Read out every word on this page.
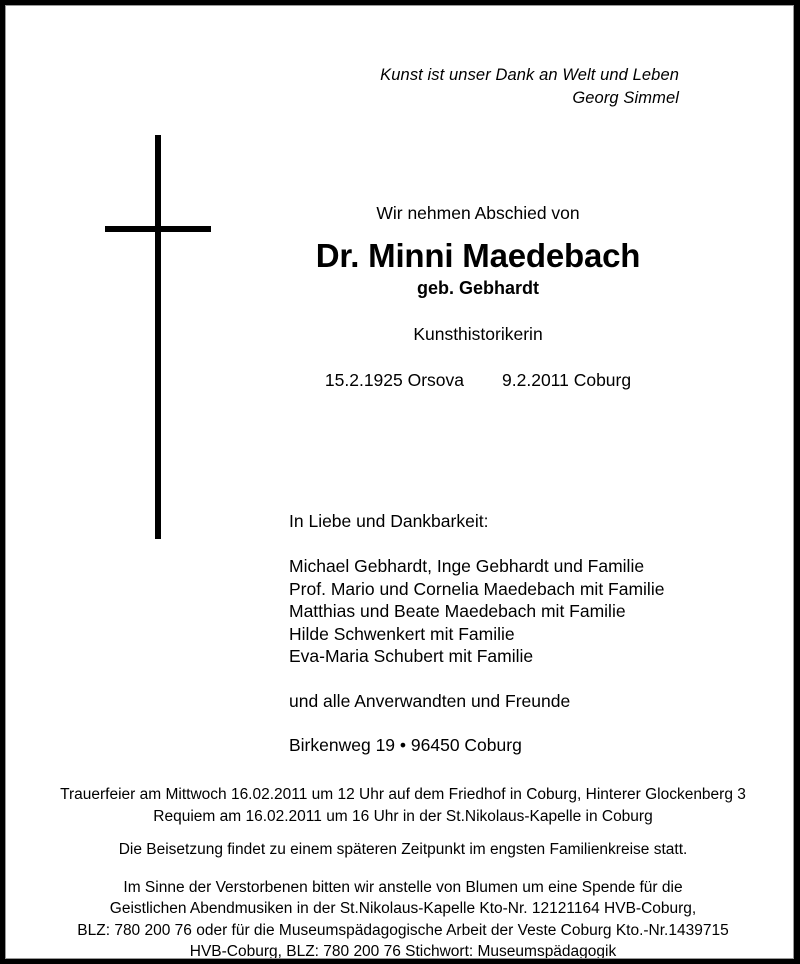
Kunst ist unser Dank an Welt und Leben
Georg Simmel
Wir nehmen Abschied von
Dr. Minni Maedebach
geb. Gebhardt
Kunsthistorikerin
15.2.1925 Orsova 9.2.2011 Coburg
In Liebe und Dankbarkeit:
Michael Gebhardt, Inge Gebhardt und Familie
Prof. Mario und Cornelia Maedebach mit Familie
Matthias und Beate Maedebach mit Familie
Hilde Schwenkert mit Familie
Eva-Maria Schubert mit Familie
und alle Anverwandten und Freunde
Birkenweg 19 • 96450 Coburg
Trauerfeier am Mittwoch 16.02.2011 um 12 Uhr auf dem Friedhof in Coburg, Hinterer Glockenberg 3
Requiem am 16.02.2011 um 16 Uhr in der St.Nikolaus-Kapelle in Coburg
Die Beisetzung findet zu einem späteren Zeitpunkt im engsten Familienkreise statt.
Im Sinne der Verstorbenen bitten wir anstelle von Blumen um eine Spende für die
Geistlichen Abendmusiken in der St.Nikolaus-Kapelle Kto-Nr. 12121164 HVB-Coburg,
BLZ: 780 200 76 oder für die Museumspädagogische Arbeit der Veste Coburg Kto.-Nr.1439715
HVB-Coburg, BLZ: 780 200 76 Stichwort: Museumspädagogik
